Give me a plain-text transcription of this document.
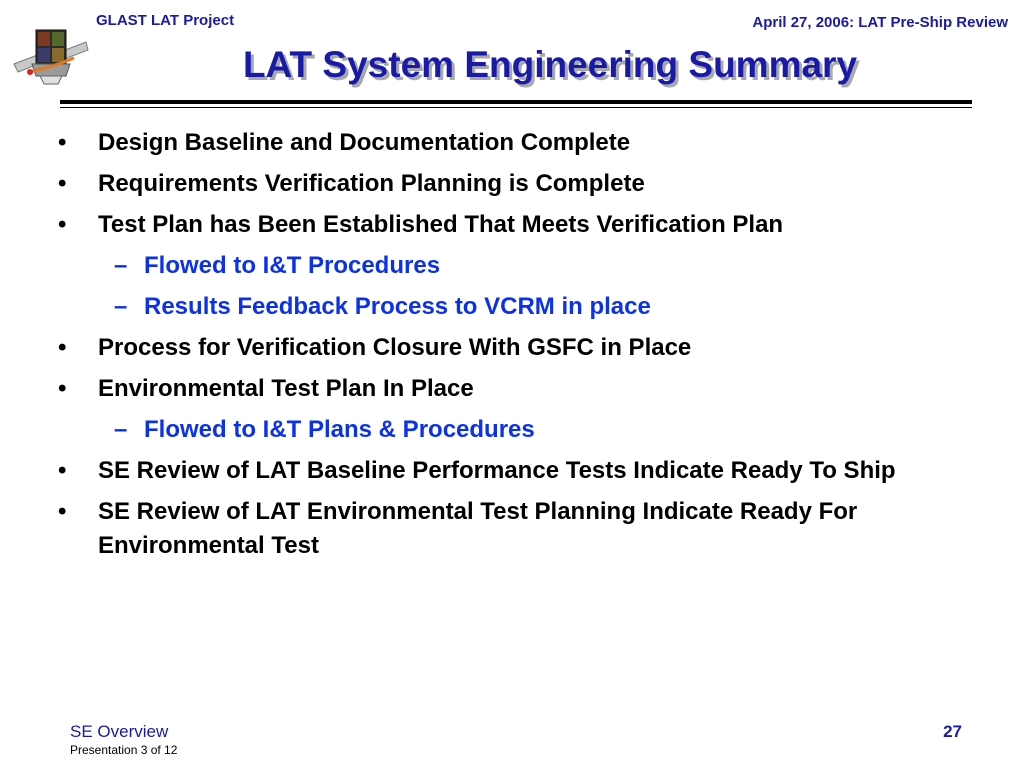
GLAST LAT Project	April 27, 2006: LAT Pre-Ship Review
LAT System Engineering Summary
• Design Baseline and Documentation Complete
• Requirements Verification Planning is Complete
• Test Plan has Been Established That Meets Verification Plan
– Flowed to I&T Procedures
– Results Feedback Process to VCRM in place
• Process for Verification Closure With GSFC in Place
• Environmental Test Plan In Place
– Flowed to I&T Plans & Procedures
• SE Review of LAT Baseline Performance Tests Indicate Ready To Ship
• SE Review of LAT Environmental Test Planning Indicate Ready For Environmental Test
SE Overview
Presentation 3 of 12
27
